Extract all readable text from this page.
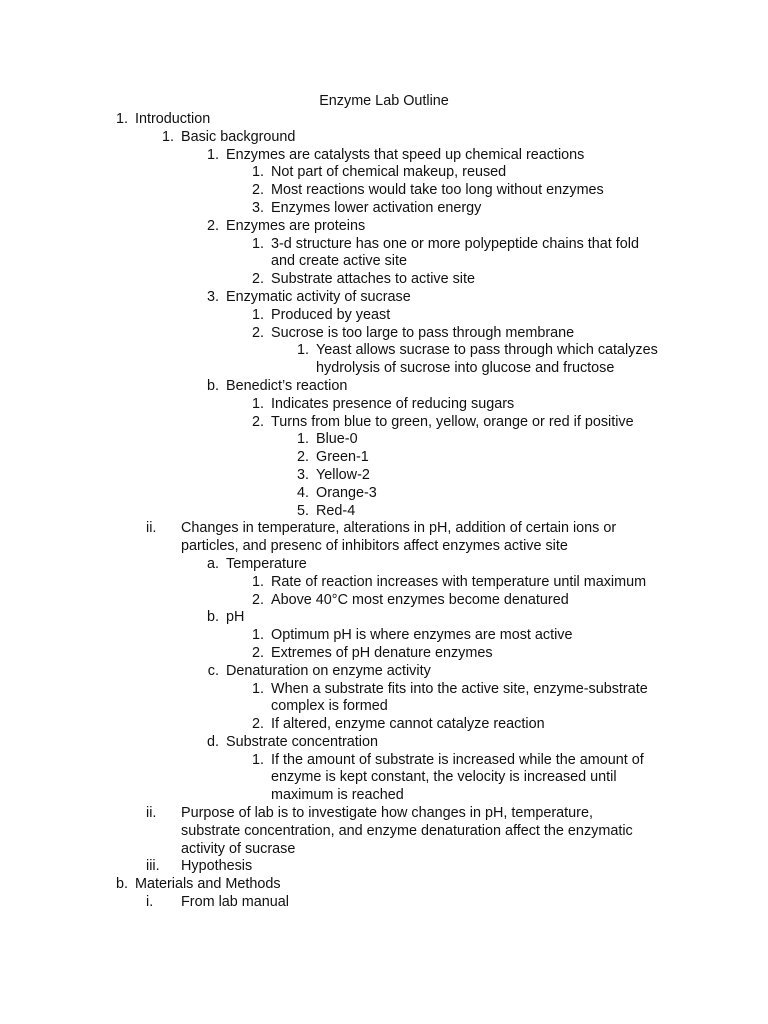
Enzyme Lab Outline
1. Introduction
1. Basic background
1. Enzymes are catalysts that speed up chemical reactions
1. Not part of chemical makeup, reused
2. Most reactions would take too long without enzymes
3. Enzymes lower activation energy
2. Enzymes are proteins
1. 3-d structure has one or more polypeptide chains that fold
and create active site
2. Substrate attaches to active site
3. Enzymatic activity of sucrase
1. Produced by yeast
2. Sucrose is too large to pass through membrane
1. Yeast allows sucrase to pass through which catalyzes
hydrolysis of sucrose into glucose and fructose
b. Benedict’s reaction
1. Indicates presence of reducing sugars
2. Turns from blue to green, yellow, orange or red if positive
1. Blue-0
2. Green-1
3. Yellow-2
4. Orange-3
5. Red-4
ii. Changes in temperature, alterations in pH, addition of certain ions or
particles, and presenc of inhibitors affect enzymes active site
a. Temperature
1. Rate of reaction increases with temperature until maximum
2. Above 40°C most enzymes become denatured
b. pH
1. Optimum pH is where enzymes are most active
2. Extremes of pH denature enzymes
c. Denaturation on enzyme activity
1. When a substrate fits into the active site, enzyme-substrate
complex is formed
2. If altered, enzyme cannot catalyze reaction
d. Substrate concentration
1. If the amount of substrate is increased while the amount of
enzyme is kept constant, the velocity is increased until
maximum is reached
ii. Purpose of lab is to investigate how changes in pH, temperature,
substrate concentration, and enzyme denaturation affect the enzymatic
activity of sucrase
iii. Hypothesis
b. Materials and Methods
i. From lab manual
